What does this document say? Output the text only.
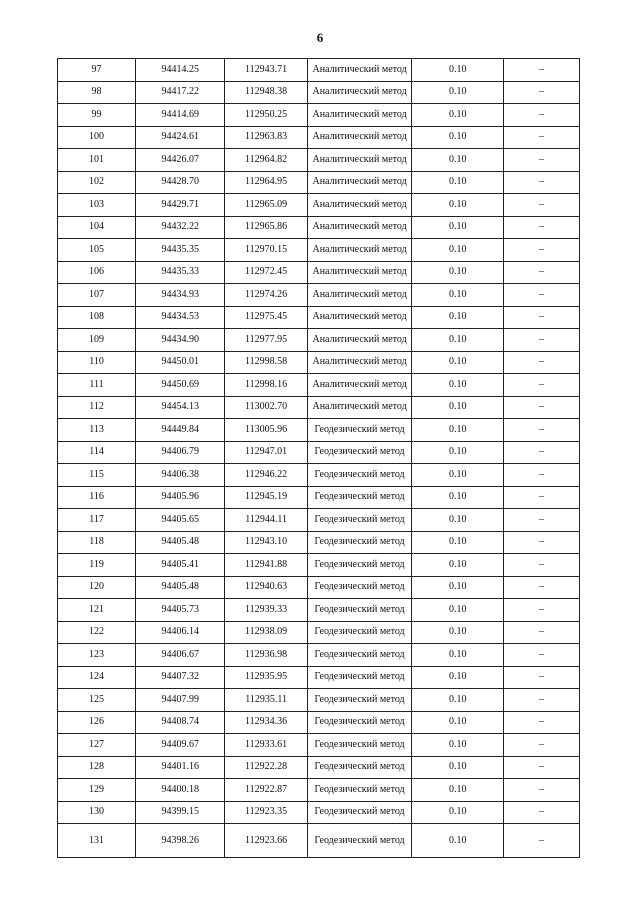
6
97	94414.25	112943.71	Аналитический метод	0.10	–
98	94417.22	112948.38	Аналитический метод	0.10	–
99	94414.69	112950.25	Аналитический метод	0.10	–
100	94424.61	112963.83	Аналитический метод	0.10	–
101	94426.07	112964.82	Аналитический метод	0.10	–
102	94428.70	112964.95	Аналитический метод	0.10	–
103	94429.71	112965.09	Аналитический метод	0.10	–
104	94432.22	112965.86	Аналитический метод	0.10	–
105	94435.35	112970.15	Аналитический метод	0.10	–
106	94435.33	112972.45	Аналитический метод	0.10	–
107	94434.93	112974.26	Аналитический метод	0.10	–
108	94434.53	112975.45	Аналитический метод	0.10	–
109	94434.90	112977.95	Аналитический метод	0.10	–
110	94450.01	112998.58	Аналитический метод	0.10	–
111	94450.69	112998.16	Аналитический метод	0.10	–
112	94454.13	113002.70	Аналитический метод	0.10	–
113	94449.84	113005.96	Геодезический метод	0.10	–
114	94406.79	112947.01	Геодезический метод	0.10	–
115	94406.38	112946.22	Геодезический метод	0.10	–
116	94405.96	112945.19	Геодезический метод	0.10	–
117	94405.65	112944.11	Геодезический метод	0.10	–
118	94405.48	112943.10	Геодезический метод	0.10	–
119	94405.41	112941.88	Геодезический метод	0.10	–
120	94405.48	112940.63	Геодезический метод	0.10	–
121	94405.73	112939.33	Геодезический метод	0.10	–
122	94406.14	112938.09	Геодезический метод	0.10	–
123	94406.67	112936.98	Геодезический метод	0.10	–
124	94407.32	112935.95	Геодезический метод	0.10	–
125	94407.99	112935.11	Геодезический метод	0.10	–
126	94408.74	112934.36	Геодезический метод	0.10	–
127	94409.67	112933.61	Геодезический метод	0.10	–
128	94401.16	112922.28	Геодезический метод	0.10	–
129	94400.18	112922.87	Геодезический метод	0.10	–
130	94399.15	112923.35	Геодезический метод	0.10	–
131	94398.26	112923.66	Геодезический метод	0.10	–
